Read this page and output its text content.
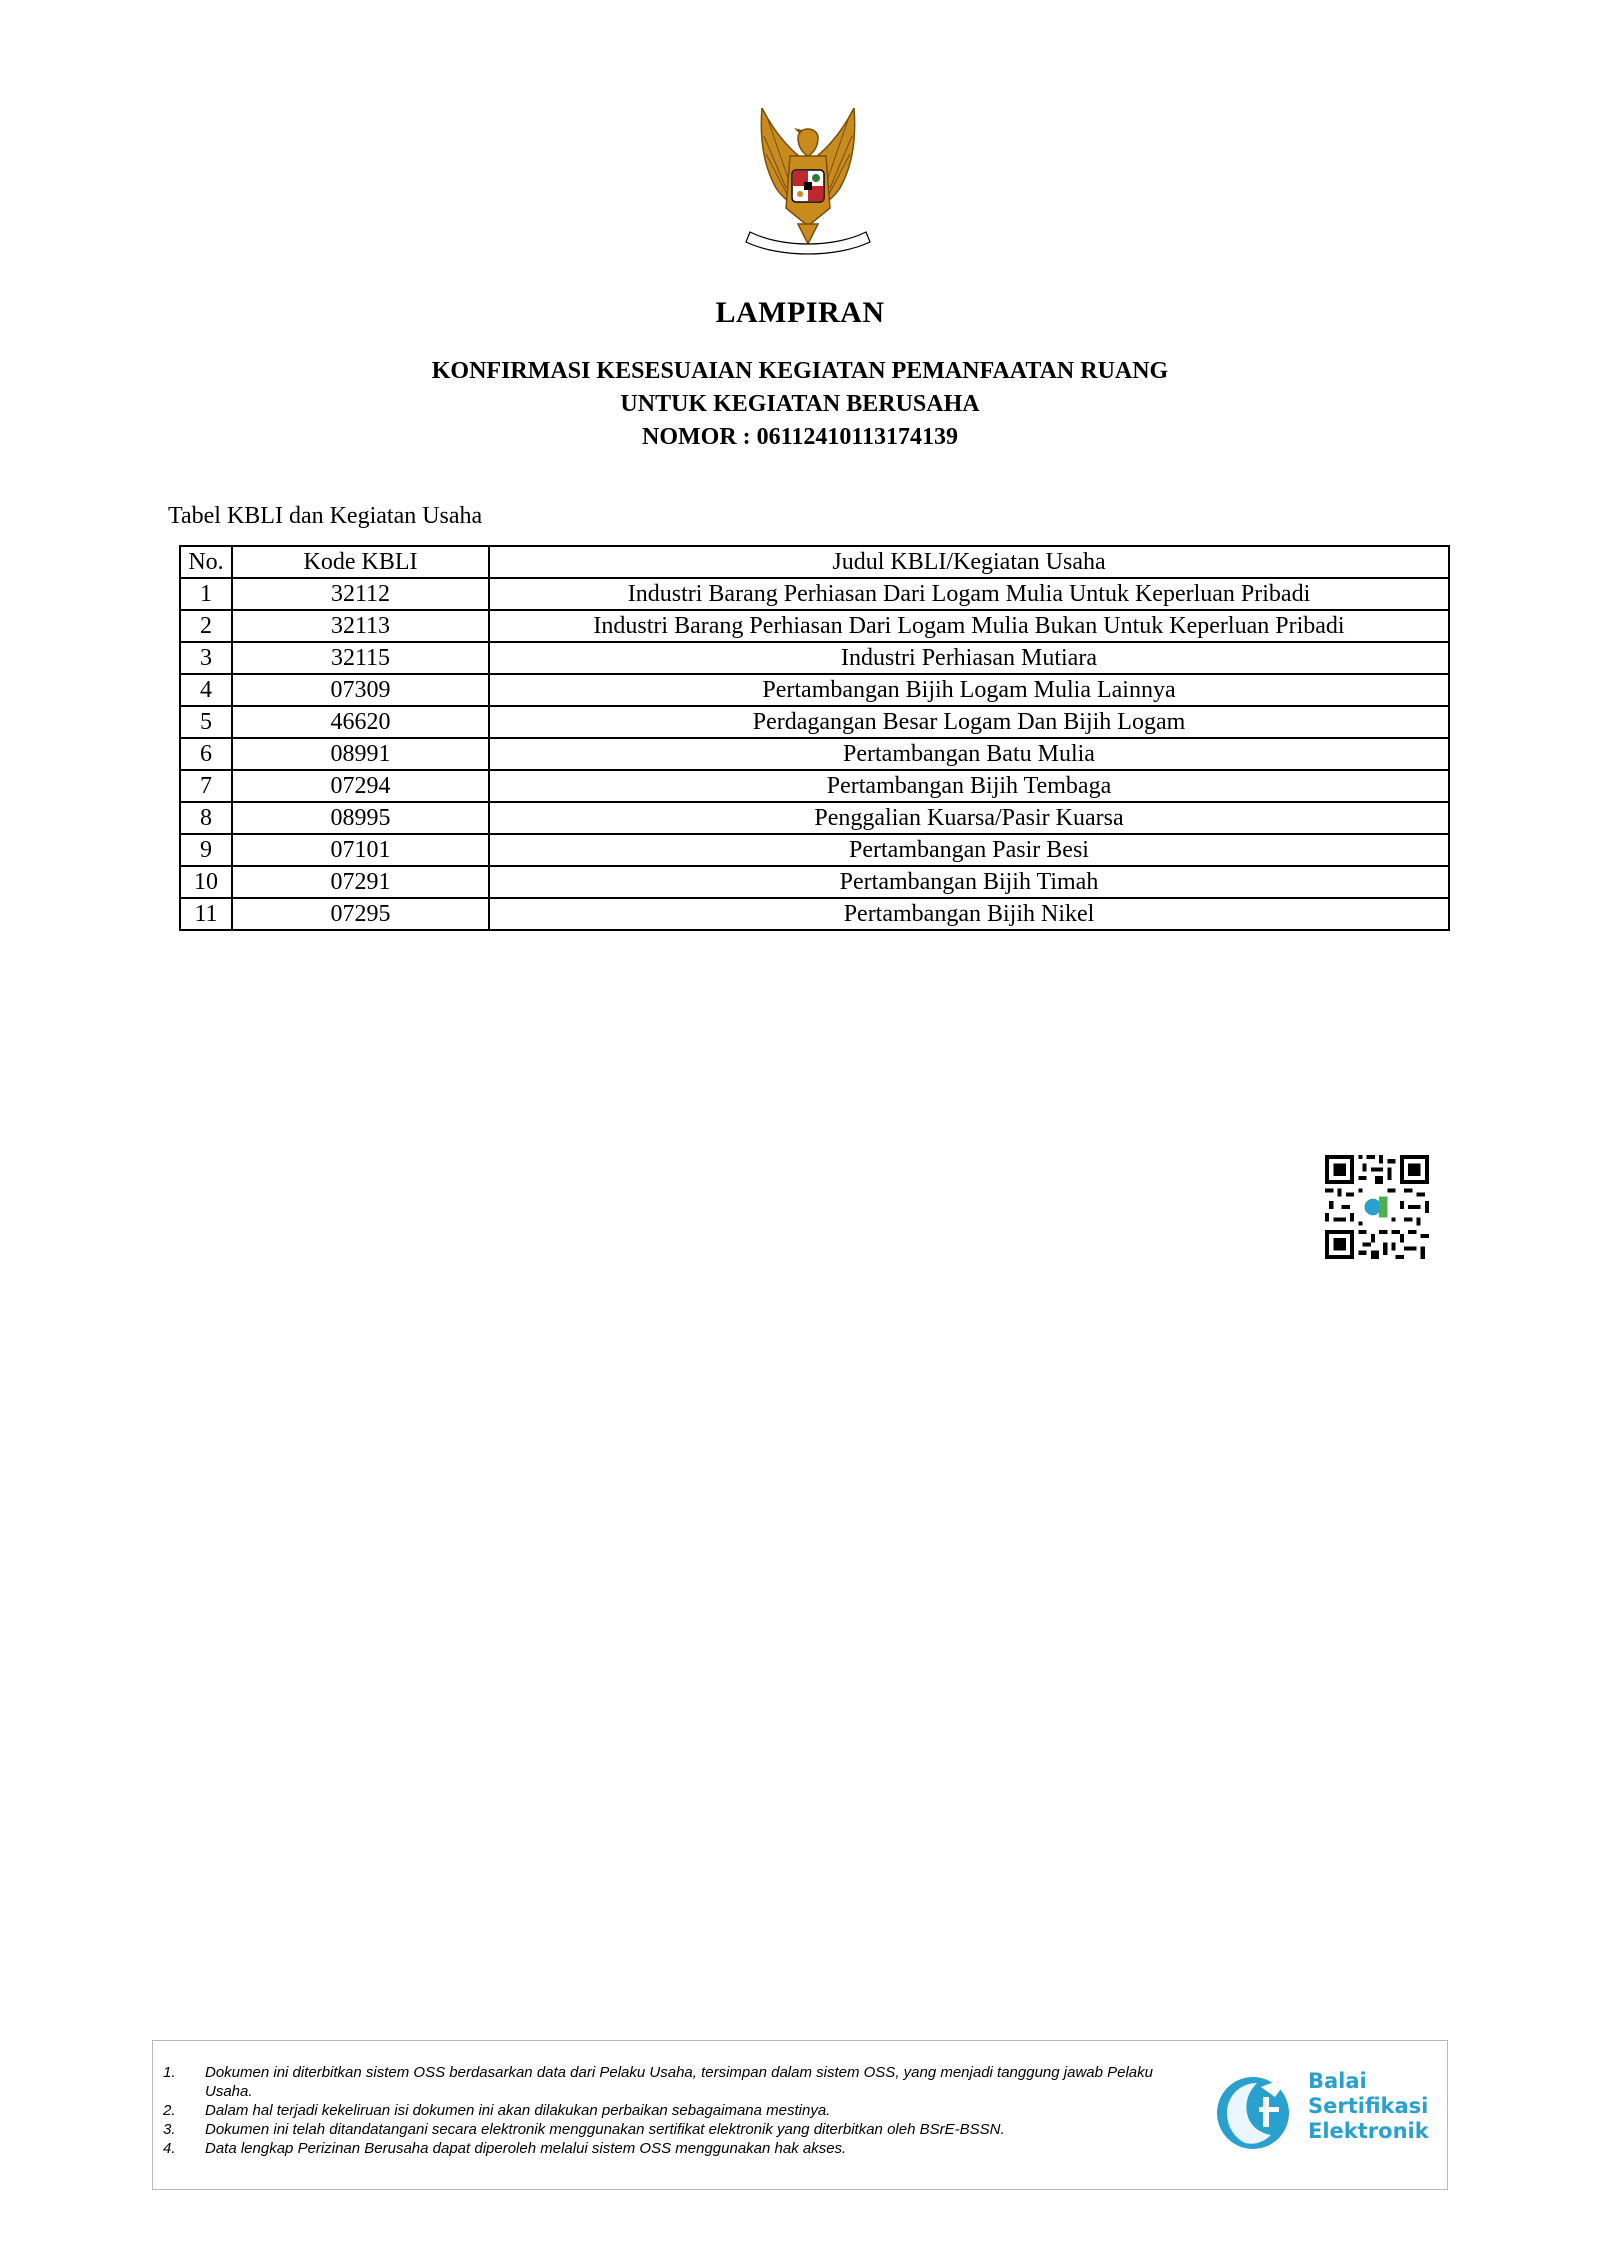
LAMPIRAN
KONFIRMASI KESESUAIAN KEGIATAN PEMANFAATAN RUANG
UNTUK KEGIATAN BERUSAHA
NOMOR : 06112410113174139
Tabel KBLI dan Kegiatan Usaha
No.	Kode KBLI	Judul KBLI/Kegiatan Usaha
1	32112	Industri Barang Perhiasan Dari Logam Mulia Untuk Keperluan Pribadi
2	32113	Industri Barang Perhiasan Dari Logam Mulia Bukan Untuk Keperluan Pribadi
3	32115	Industri Perhiasan Mutiara
4	07309	Pertambangan Bijih Logam Mulia Lainnya
5	46620	Perdagangan Besar Logam Dan Bijih Logam
6	08991	Pertambangan Batu Mulia
7	07294	Pertambangan Bijih Tembaga
8	08995	Penggalian Kuarsa/Pasir Kuarsa
9	07101	Pertambangan Pasir Besi
10	07291	Pertambangan Bijih Timah
11	07295	Pertambangan Bijih Nikel
1.	Dokumen ini diterbitkan sistem OSS berdasarkan data dari Pelaku Usaha, tersimpan dalam sistem OSS, yang menjadi tanggung jawab Pelaku Usaha.
2.	Dalam hal terjadi kekeliruan isi dokumen ini akan dilakukan perbaikan sebagaimana mestinya.
3.	Dokumen ini telah ditandatangani secara elektronik menggunakan sertifikat elektronik yang diterbitkan oleh BSrE-BSSN.
4.	Data lengkap Perizinan Berusaha dapat diperoleh melalui sistem OSS menggunakan hak akses.
Balai
Sertifikasi
Elektronik
